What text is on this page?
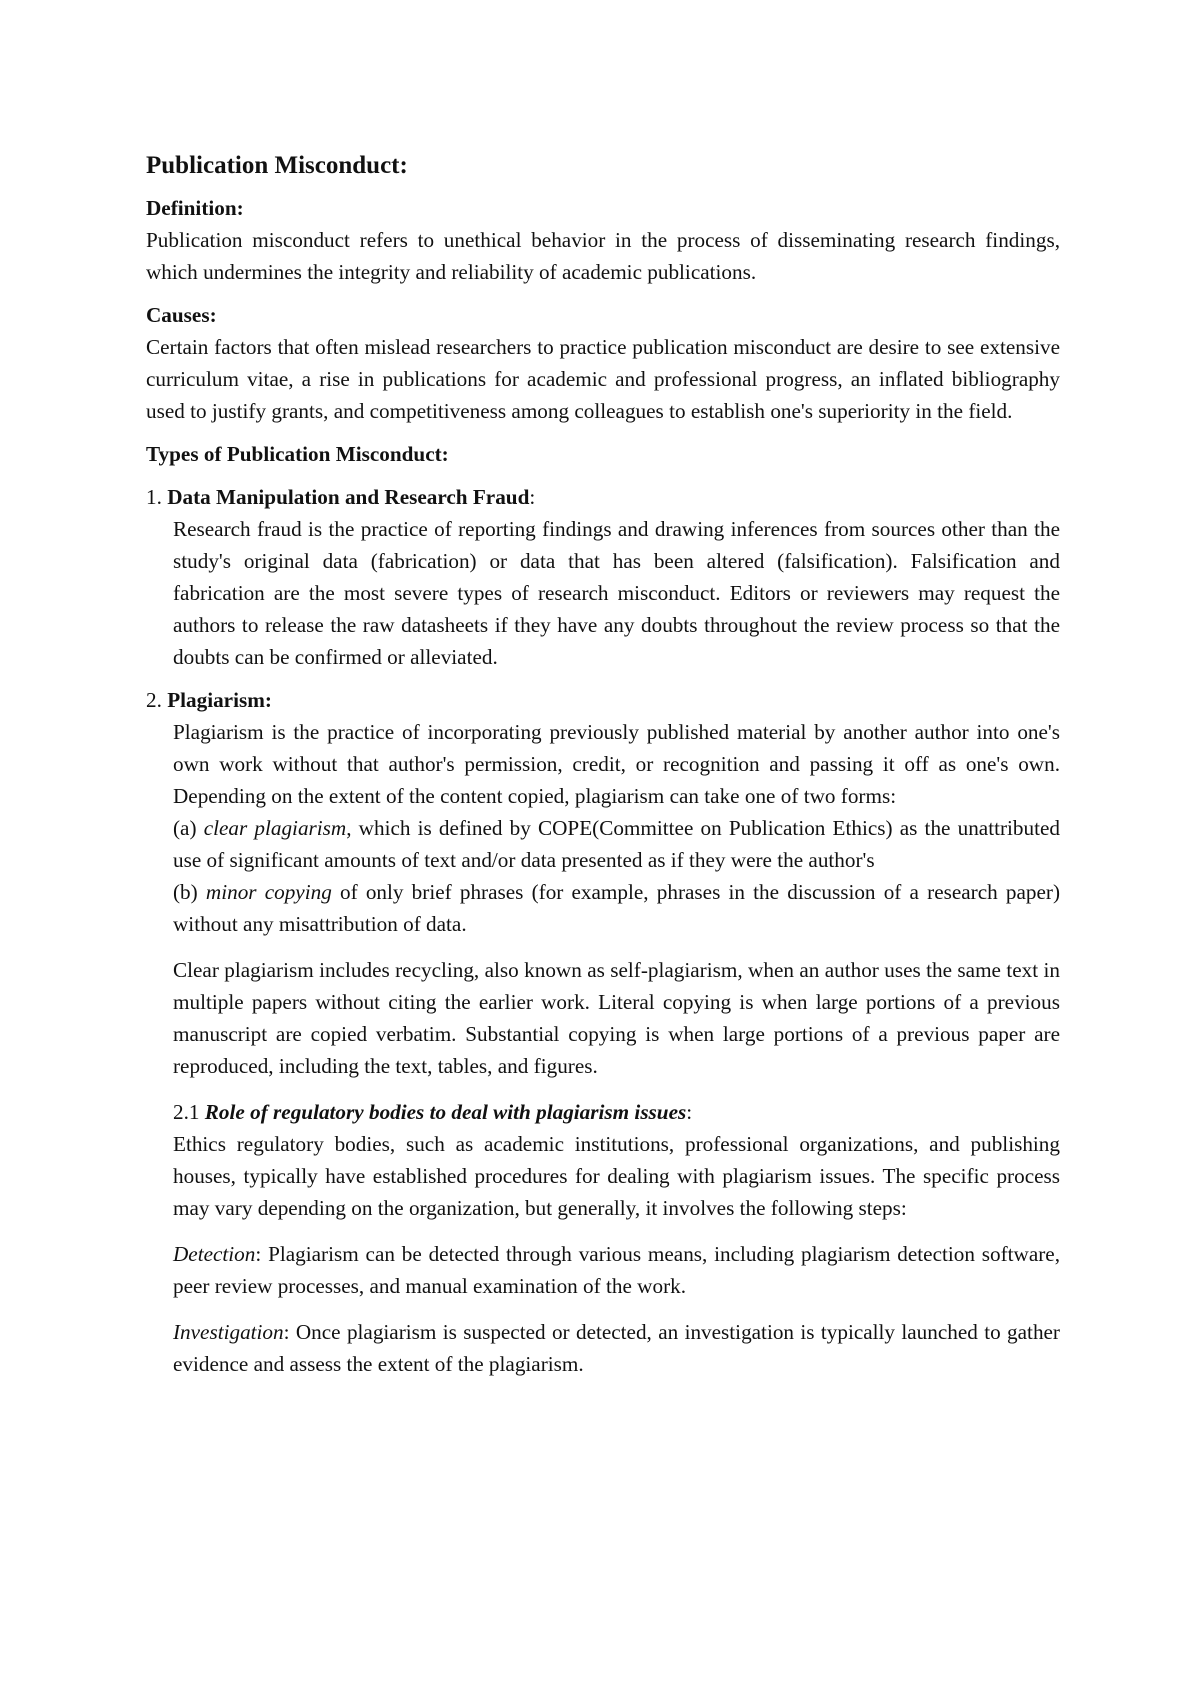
Publication Misconduct:

Definition:

Publication misconduct refers to unethical behavior in the process of disseminating research findings, which undermines the integrity and reliability of academic publications.

Causes:

Certain factors that often mislead researchers to practice publication misconduct are desire to see extensive curriculum vitae, a rise in publications for academic and professional progress, an inflated bibliography used to justify grants, and competitiveness among colleagues to establish one's superiority in the field.

Types of Publication Misconduct:

1. Data Manipulation and Research Fraud:

Research fraud is the practice of reporting findings and drawing inferences from sources other than the study's original data (fabrication) or data that has been altered (falsification). Falsification and fabrication are the most severe types of research misconduct. Editors or reviewers may request the authors to release the raw datasheets if they have any doubts throughout the review process so that the doubts can be confirmed or alleviated.

2. Plagiarism:

Plagiarism is the practice of incorporating previously published material by another author into one's own work without that author's permission, credit, or recognition and passing it off as one's own. Depending on the extent of the content copied, plagiarism can take one of two forms:

(a) clear plagiarism, which is defined by COPE(Committee on Publication Ethics) as the unattributed use of significant amounts of text and/or data presented as if they were the author's

(b) minor copying of only brief phrases (for example, phrases in the discussion of a research paper) without any misattribution of data.

Clear plagiarism includes recycling, also known as self-plagiarism, when an author uses the same text in multiple papers without citing the earlier work. Literal copying is when large portions of a previous manuscript are copied verbatim. Substantial copying is when large portions of a previous paper are reproduced, including the text, tables, and figures.

2.1 Role of regulatory bodies to deal with plagiarism issues:

Ethics regulatory bodies, such as academic institutions, professional organizations, and publishing houses, typically have established procedures for dealing with plagiarism issues. The specific process may vary depending on the organization, but generally, it involves the following steps:

Detection: Plagiarism can be detected through various means, including plagiarism detection software, peer review processes, and manual examination of the work.

Investigation: Once plagiarism is suspected or detected, an investigation is typically launched to gather evidence and assess the extent of the plagiarism.
